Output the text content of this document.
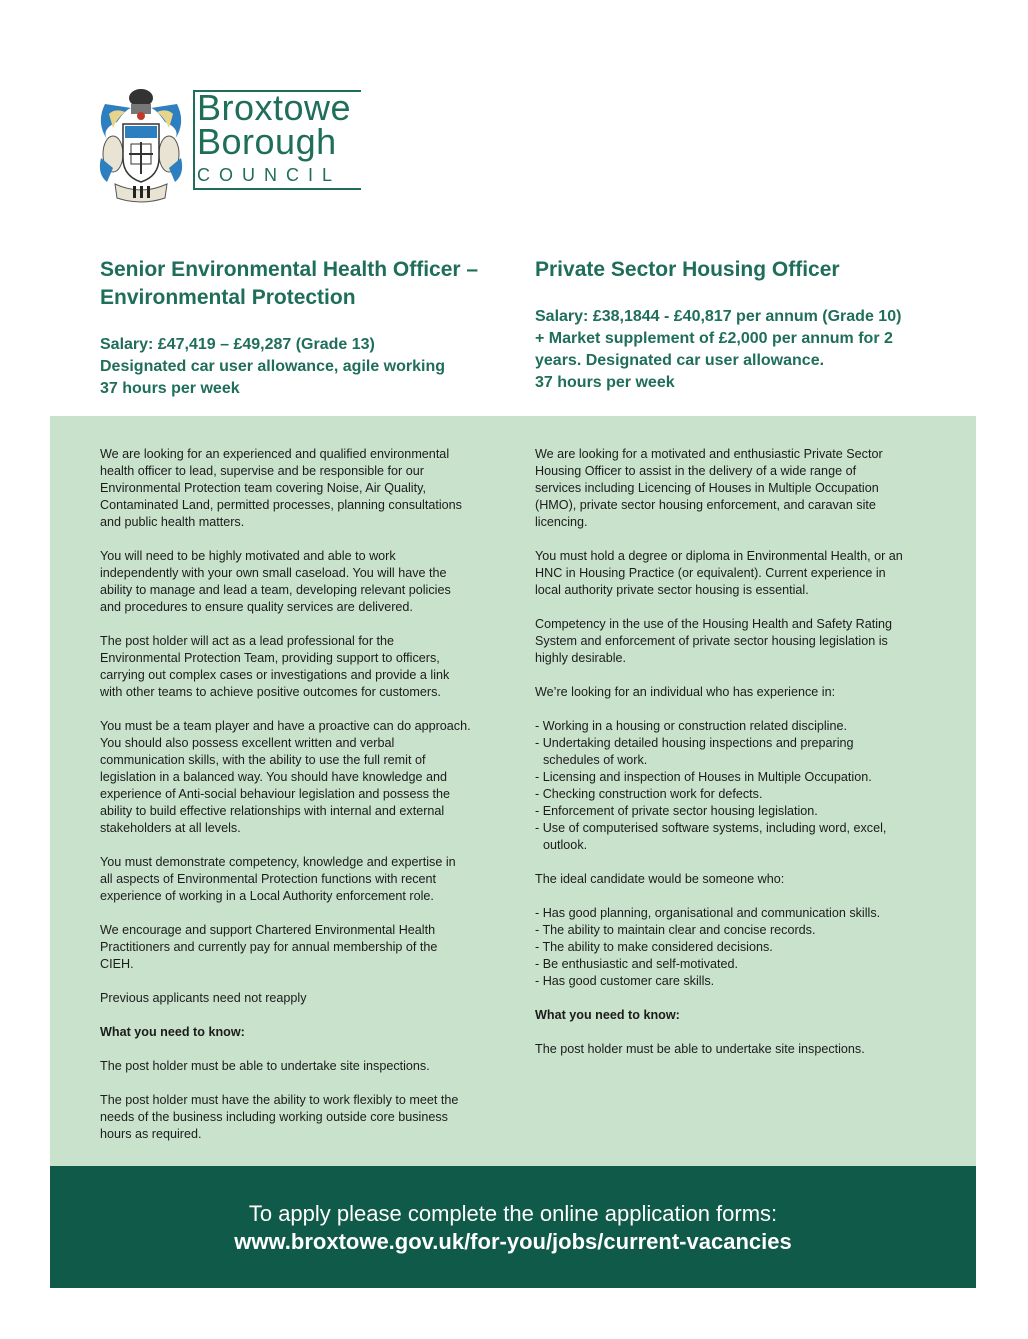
Broxtowe
Borough
COUNCIL

Senior Environmental Health Officer –
Environmental Protection

Salary: £47,419 – £49,287 (Grade 13)
Designated car user allowance, agile working
37 hours per week

Private Sector Housing Officer

Salary: £38,1844 - £40,817 per annum (Grade 10)
+ Market supplement of £2,000 per annum for 2
years. Designated car user allowance.
37 hours per week

We are looking for an experienced and qualified environmental
health officer to lead, supervise and be responsible for our
Environmental Protection team covering Noise, Air Quality,
Contaminated Land, permitted processes, planning consultations
and public health matters.

You will need to be highly motivated and able to work
independently with your own small caseload. You will have the
ability to manage and lead a team, developing relevant policies
and procedures to ensure quality services are delivered.

The post holder will act as a lead professional for the
Environmental Protection Team, providing support to officers,
carrying out complex cases or investigations and provide a link
with other teams to achieve positive outcomes for customers.

You must be a team player and have a proactive can do approach.
You should also possess excellent written and verbal
communication skills, with the ability to use the full remit of
legislation in a balanced way. You should have knowledge and
experience of Anti-social behaviour legislation and possess the
ability to build effective relationships with internal and external
stakeholders at all levels.

You must demonstrate competency, knowledge and expertise in
all aspects of Environmental Protection functions with recent
experience of working in a Local Authority enforcement role.

We encourage and support Chartered Environmental Health
Practitioners and currently pay for annual membership of the
CIEH.

Previous applicants need not reapply

What you need to know:

The post holder must be able to undertake site inspections.

The post holder must have the ability to work flexibly to meet the
needs of the business including working outside core business
hours as required.

We are looking for a motivated and enthusiastic Private Sector
Housing Officer to assist in the delivery of a wide range of
services including Licencing of Houses in Multiple Occupation
(HMO), private sector housing enforcement, and caravan site
licencing.

You must hold a degree or diploma in Environmental Health, or an
HNC in Housing Practice (or equivalent). Current experience in
local authority private sector housing is essential.

Competency in the use of the Housing Health and Safety Rating
System and enforcement of private sector housing legislation is
highly desirable.

We’re looking for an individual who has experience in:

- Working in a housing or construction related discipline.
- Undertaking detailed housing inspections and preparing
schedules of work.
- Licensing and inspection of Houses in Multiple Occupation.
- Checking construction work for defects.
- Enforcement of private sector housing legislation.
- Use of computerised software systems, including word, excel,
outlook.

The ideal candidate would be someone who:

- Has good planning, organisational and communication skills.
- The ability to maintain clear and concise records.
- The ability to make considered decisions.
- Be enthusiastic and self-motivated.
- Has good customer care skills.

What you need to know:

The post holder must be able to undertake site inspections.

To apply please complete the online application forms:
www.broxtowe.gov.uk/for-you/jobs/current-vacancies
